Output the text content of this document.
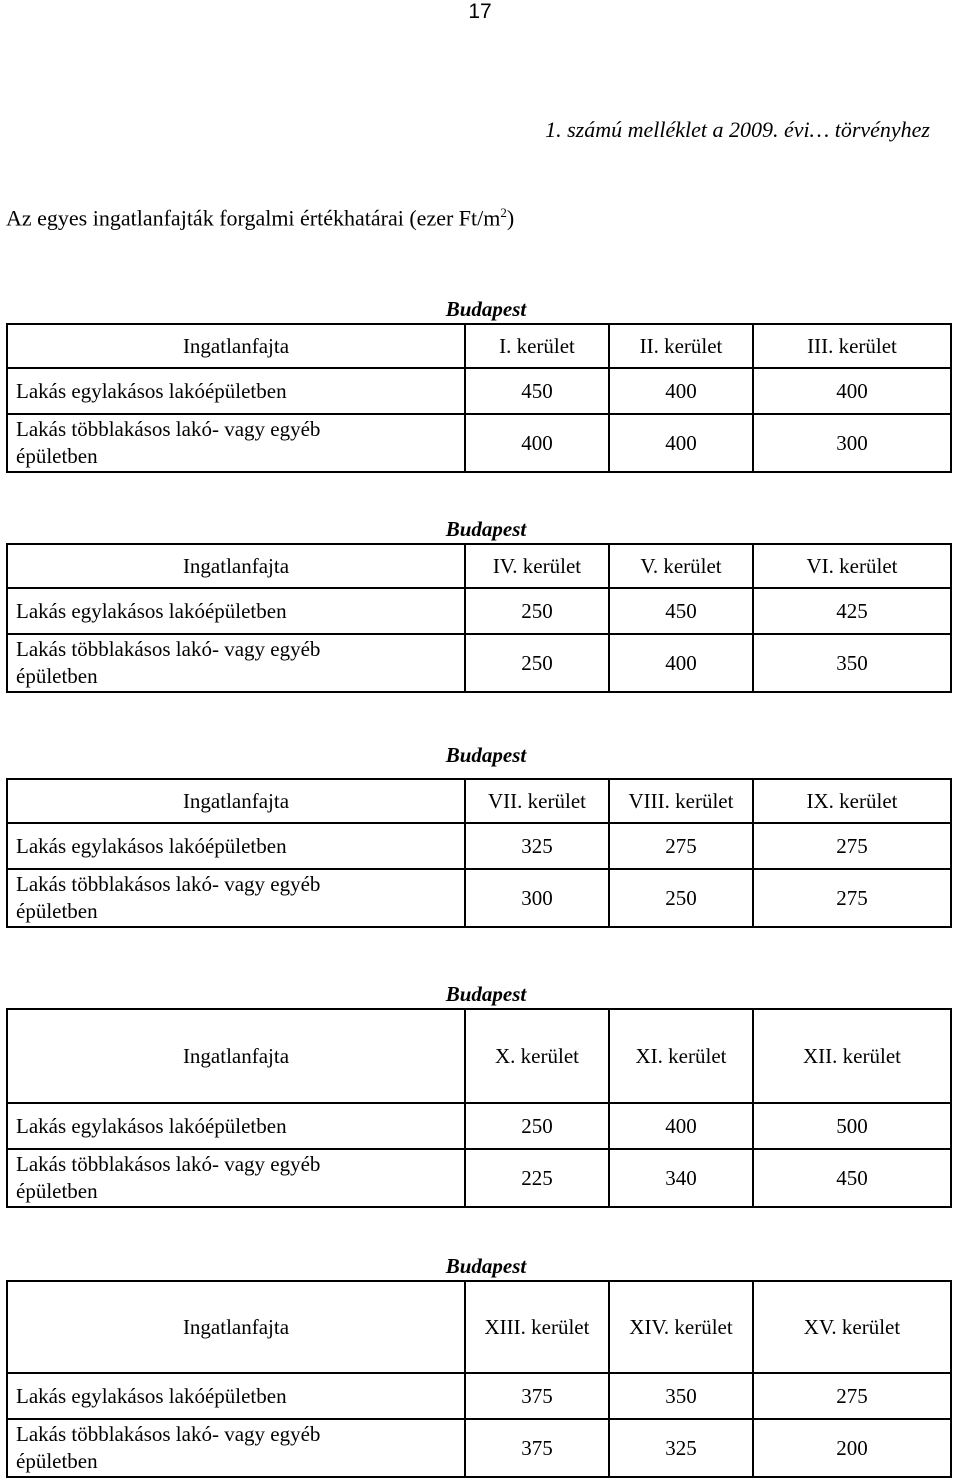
17
1. számú melléklet a 2009. évi… törvényhez
Az egyes ingatlanfajták forgalmi értékhatárai (ezer $Ft/m^2$)
Budapest
Ingatlanfajta	I. kerület	II. kerület	III. kerület
Lakás egylakásos lakóépületben	450	400	400
Lakás többlakásos lakó- vagy egyéb
épületben	400	400	300
Budapest
Ingatlanfajta	IV. kerület	V. kerület	VI. kerület
Lakás egylakásos lakóépületben	250	450	425
Lakás többlakásos lakó- vagy egyéb
épületben	250	400	350
Budapest
Ingatlanfajta	VII. kerület	VIII. kerület	IX. kerület
Lakás egylakásos lakóépületben	325	275	275
Lakás többlakásos lakó- vagy egyéb
épületben	300	250	275
Budapest
Ingatlanfajta	X. kerület	XI. kerület	XII. kerület
Lakás egylakásos lakóépületben	250	400	500
Lakás többlakásos lakó- vagy egyéb
épületben	225	340	450
Budapest
Ingatlanfajta	XIII. kerület	XIV. kerület	XV. kerület
Lakás egylakásos lakóépületben	375	350	275
Lakás többlakásos lakó- vagy egyéb
épületben	375	325	200
